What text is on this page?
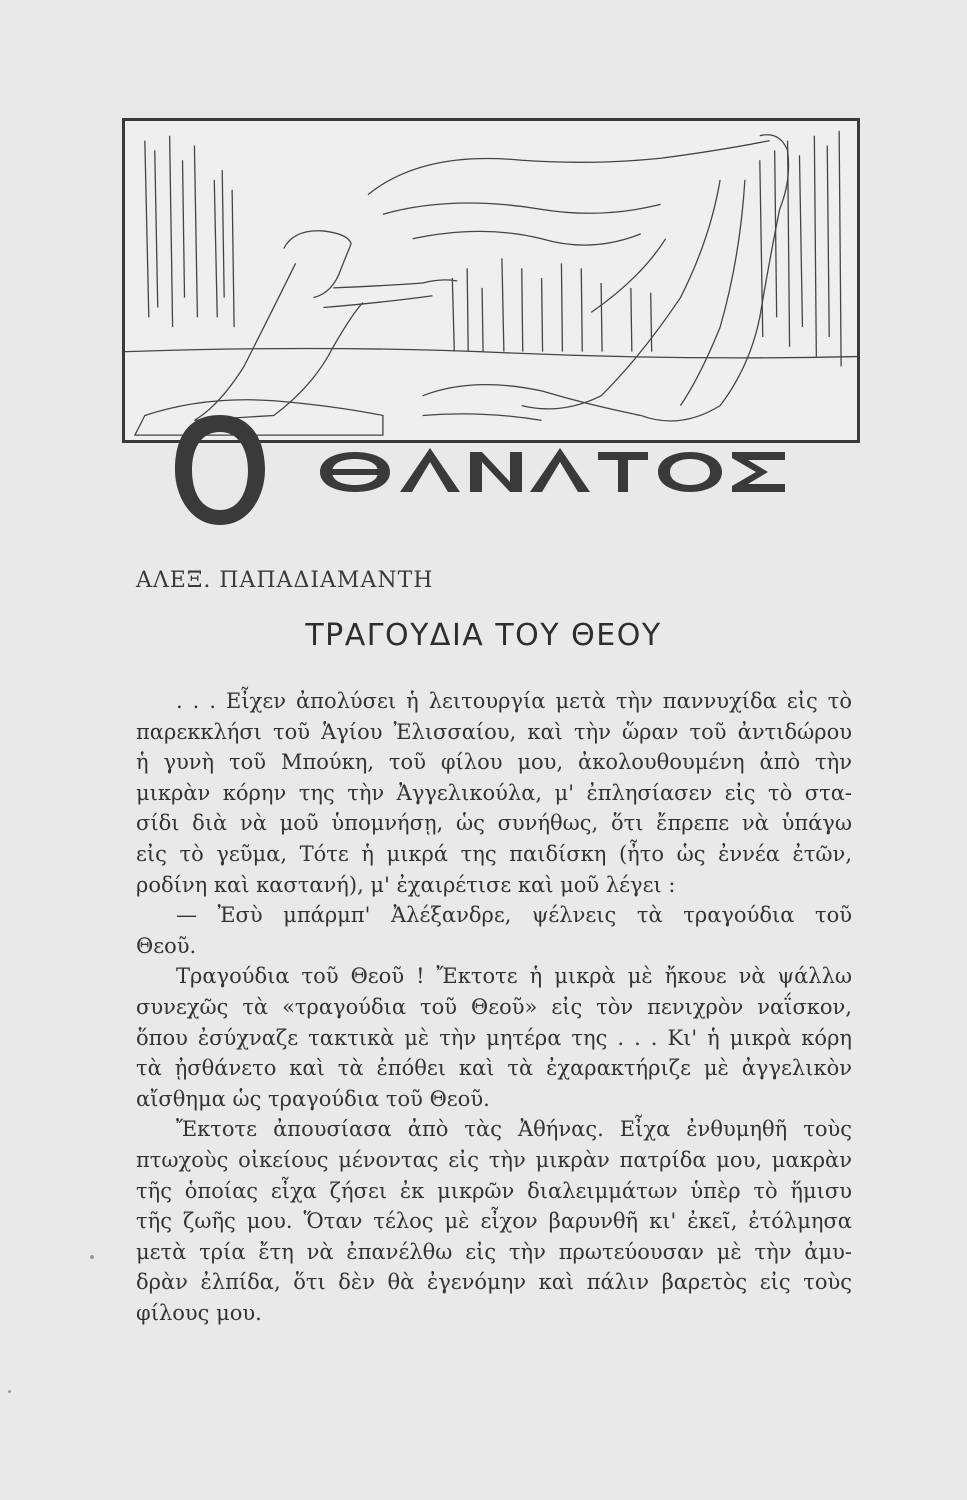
ΑΛΕΞ. ΠΑΠΑΔΙΑΜΑΝΤΗ
ΤΡΑΓΟΥΔΙΑ ΤΟΥ ΘΕΟΥ
. . . Εἶχεν ἀπολύσει ἡ λειτουργία μετὰ τὴν παννυχίδα εἰς τὸ
παρεκκλήσι τοῦ Ἁγίου Ἐλισσαίου, καὶ τὴν ὥραν τοῦ ἀντιδώρου
ἡ γυνὴ τοῦ Μπούκη, τοῦ φίλου μου, ἀκολουθουμένη ἀπὸ τὴν
μικρὰν κόρην της τὴν Ἀγγελικούλα, μ' ἐπλησίασεν εἰς τὸ στα-
σίδι διὰ νὰ μοῦ ὑπομνήσῃ, ὡς συνήθως, ὅτι ἔπρεπε νὰ ὑπάγω
εἰς τὸ γεῦμα, Τότε ἡ μικρά της παιδίσκη (ἦτο ὡς ἐννέα ἐτῶν,
ροδίνη καὶ καστανή), μ' ἐχαιρέτισε καὶ μοῦ λέγει :
— Ἐσὺ μπάρμπ' Ἀλέξανδρε, ψέλνεις τὰ τραγούδια τοῦ
Θεοῦ.
Τραγούδια τοῦ Θεοῦ ! Ἔκτοτε ἡ μικρὰ μὲ ἤκουε νὰ ψάλλω
συνεχῶς τὰ «τραγούδια τοῦ Θεοῦ» εἰς τὸν πενιχρὸν ναΐσκον,
ὅπου ἐσύχναζε τακτικὰ μὲ τὴν μητέρα της . . . Κι' ἡ μικρὰ κόρη
τὰ ᾐσθάνετο καὶ τὰ ἐπόθει καὶ τὰ ἐχαρακτήριζε μὲ ἀγγελικὸν
αἴσθημα ὡς τραγούδια τοῦ Θεοῦ.
Ἔκτοτε ἀπουσίασα ἀπὸ τὰς Ἀθήνας. Εἶχα ἐνθυμηθῆ τοὺς
πτωχοὺς οἰκείους μένοντας εἰς τὴν μικρὰν πατρίδα μου, μακρὰν
τῆς ὁποίας εἶχα ζήσει ἐκ μικρῶν διαλειμμάτων ὑπὲρ τὸ ἥμισυ
τῆς ζωῆς μου. Ὅταν τέλος μὲ εἶχον βαρυνθῆ κι' ἐκεῖ, ἐτόλμησα
μετὰ τρία ἔτη νὰ ἐπανέλθω εἰς τὴν πρωτεύουσαν μὲ τὴν ἀμυ-
δρὰν ἐλπίδα, ὅτι δὲν θὰ ἐγενόμην καὶ πάλιν βαρετὸς εἰς τοὺς
φίλους μου.
